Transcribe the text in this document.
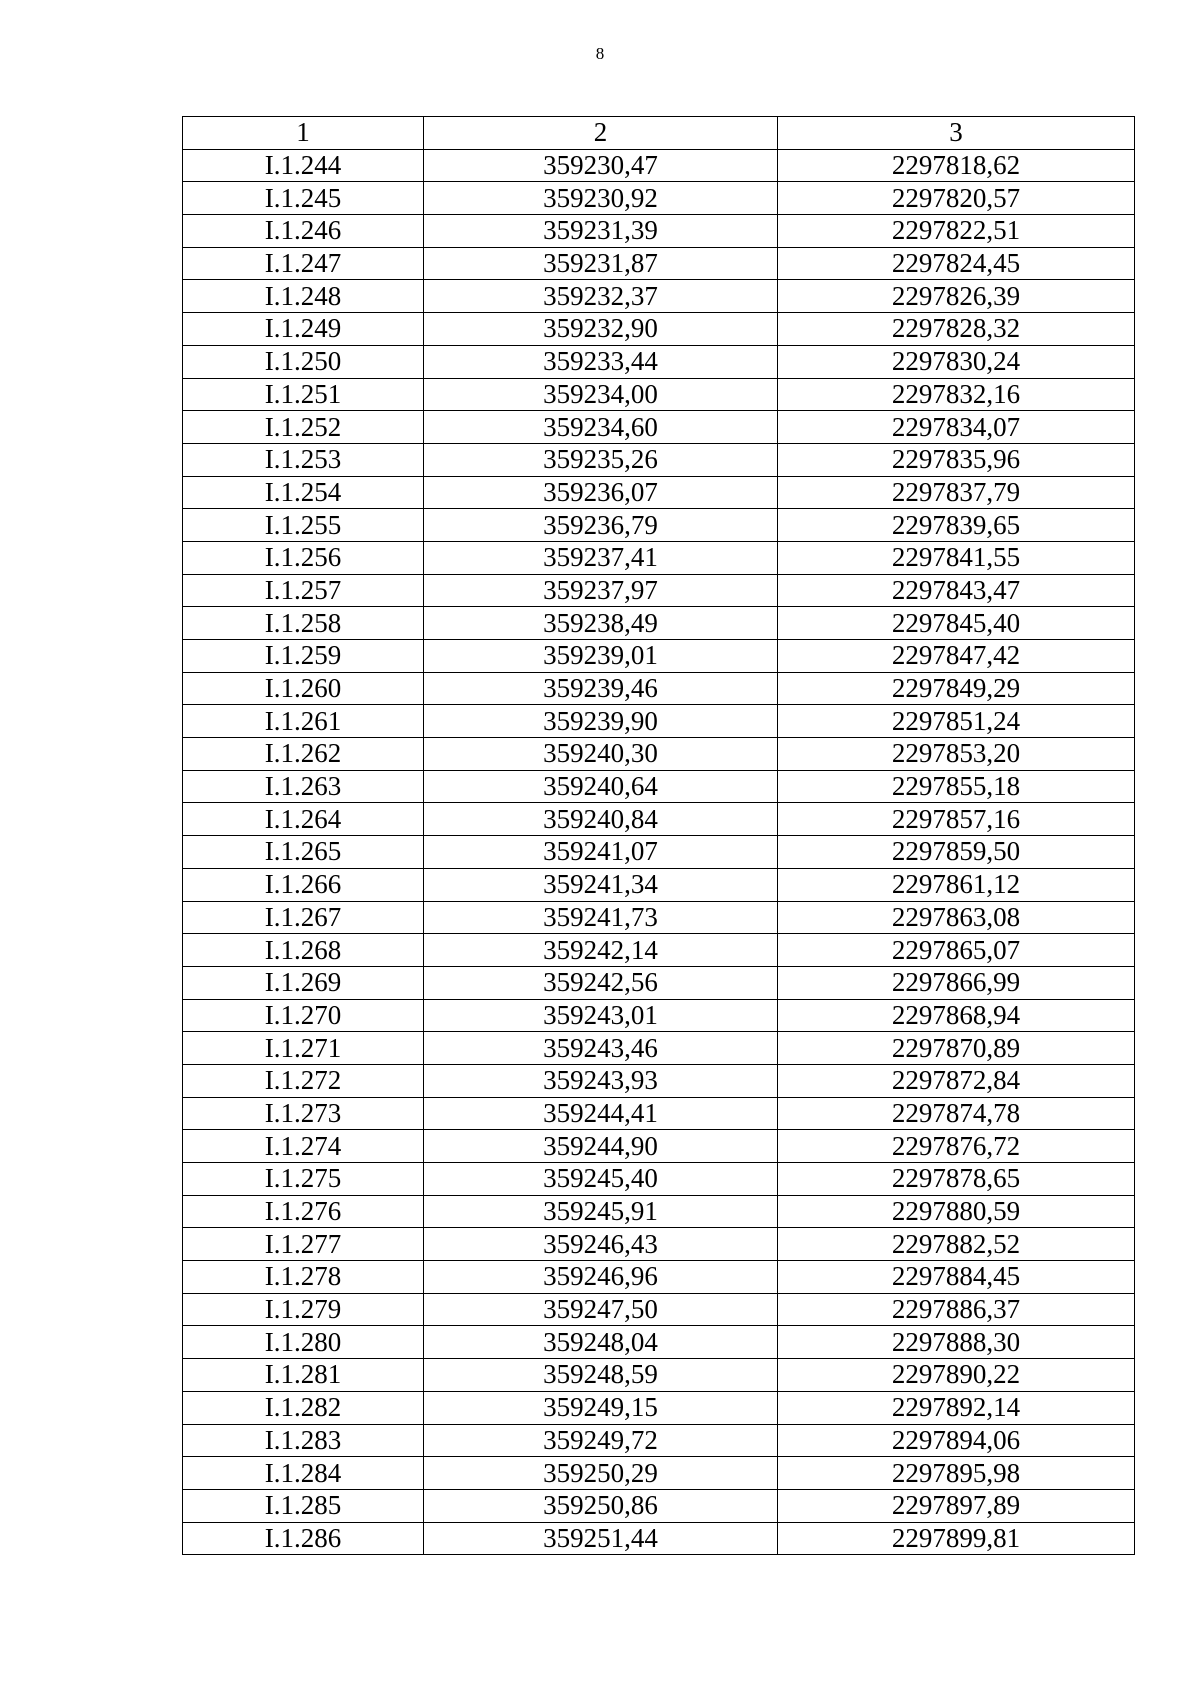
8
1	2	3
I.1.244	359230,47	2297818,62
I.1.245	359230,92	2297820,57
I.1.246	359231,39	2297822,51
I.1.247	359231,87	2297824,45
I.1.248	359232,37	2297826,39
I.1.249	359232,90	2297828,32
I.1.250	359233,44	2297830,24
I.1.251	359234,00	2297832,16
I.1.252	359234,60	2297834,07
I.1.253	359235,26	2297835,96
I.1.254	359236,07	2297837,79
I.1.255	359236,79	2297839,65
I.1.256	359237,41	2297841,55
I.1.257	359237,97	2297843,47
I.1.258	359238,49	2297845,40
I.1.259	359239,01	2297847,42
I.1.260	359239,46	2297849,29
I.1.261	359239,90	2297851,24
I.1.262	359240,30	2297853,20
I.1.263	359240,64	2297855,18
I.1.264	359240,84	2297857,16
I.1.265	359241,07	2297859,50
I.1.266	359241,34	2297861,12
I.1.267	359241,73	2297863,08
I.1.268	359242,14	2297865,07
I.1.269	359242,56	2297866,99
I.1.270	359243,01	2297868,94
I.1.271	359243,46	2297870,89
I.1.272	359243,93	2297872,84
I.1.273	359244,41	2297874,78
I.1.274	359244,90	2297876,72
I.1.275	359245,40	2297878,65
I.1.276	359245,91	2297880,59
I.1.277	359246,43	2297882,52
I.1.278	359246,96	2297884,45
I.1.279	359247,50	2297886,37
I.1.280	359248,04	2297888,30
I.1.281	359248,59	2297890,22
I.1.282	359249,15	2297892,14
I.1.283	359249,72	2297894,06
I.1.284	359250,29	2297895,98
I.1.285	359250,86	2297897,89
I.1.286	359251,44	2297899,81
